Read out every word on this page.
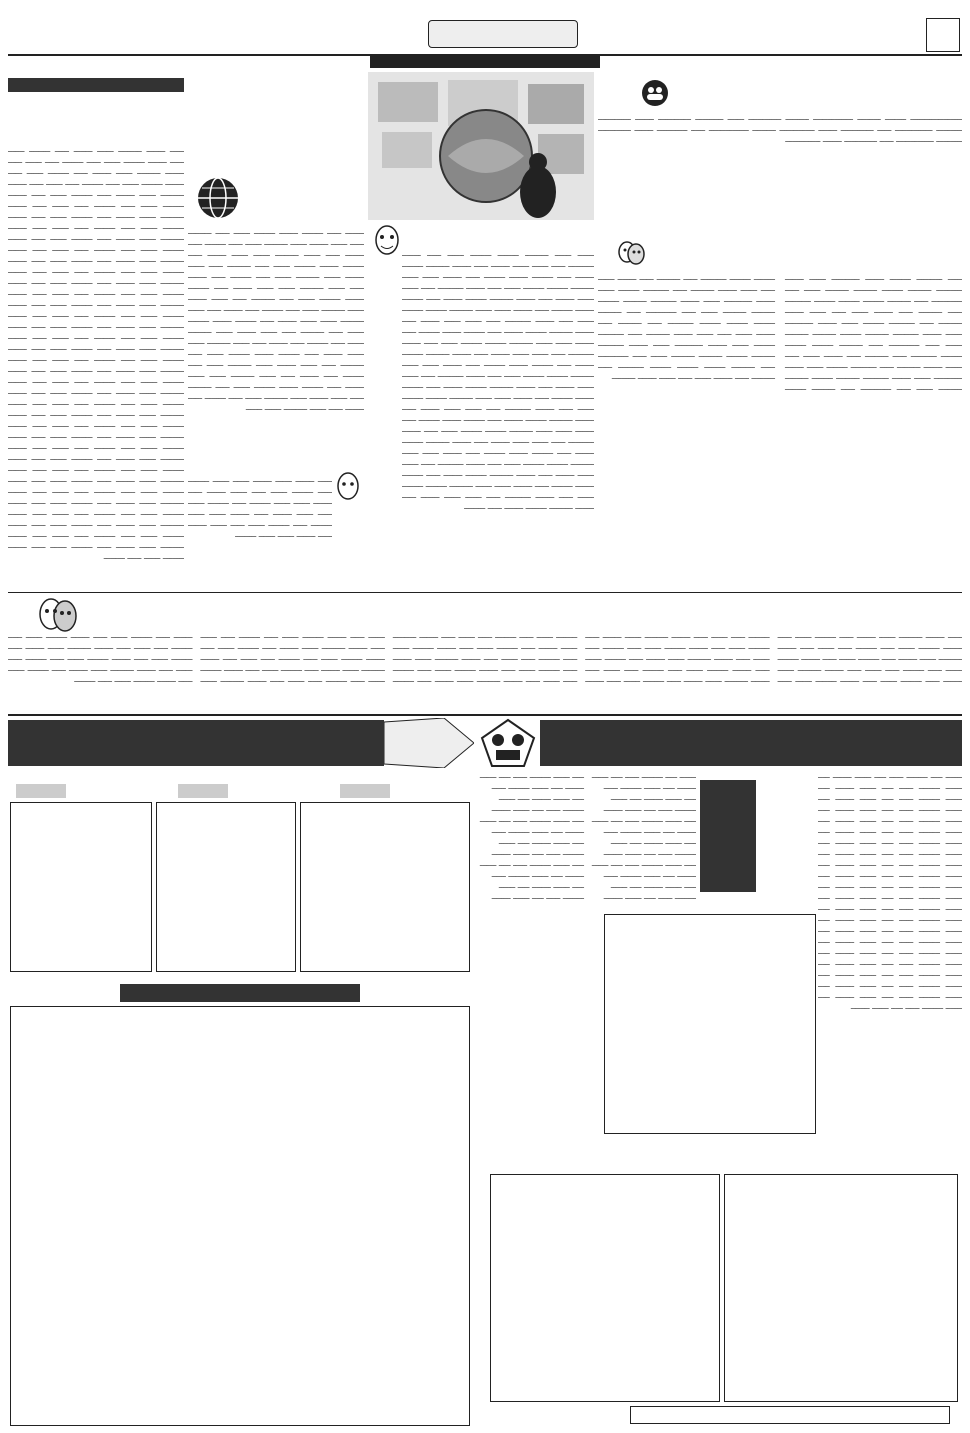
ــــــــــــــــــــــ ـــــــــ ــــــــــ ـــــــــــــــــ ــــــــــ ــــــــــــــ ـــــــ ــــــــــــ ــــــــــــــ ــــــــ ــــــــــــــ ـــــــــــ ــــــــــــــــ ــــــ ــــــــــــــ ــــــــ ـــــــــــــــ ــــــــــ ـــــــــــــــــ ــــــ ـــــــــــــ ــــــــ ــــــــــــــ ـــــــــــ ــــــــــــــــ ــــــ ــــــــــــــ ــــــــ ـــــــــــــــ
ــــــ ـــــــــــ ـــــــــ ــــــــ ــــــــــــ ـــــــ ــــــــ ـــــــــــ ــــــــــ ـــــــــ ــــــــــ ــــــــــ ـــــــ ــــــ ـــــــــــــ ــــــ ــــــــــ ـــــــــ ـــــــــ ـــــــــ ـــــــــــ ــــــ ــــــــــ ــــــ ــــــــ ـــــــ ــــــ ـــــــ ــــــــ ــــــــــ ــــــ ـــــــــــ ـــــــــ ـــــــ ــــــــ ــــــــــــ ـــــــ ــــــــ ـــــــــــ ــــــــــ ـــــــــ ــــــــــ ــــــــــ ـــــــ ــــــ ـــــــــــــ ــــــ ــــــــــ ـــــــــ ـــــــــ ـــــــــ ـــــــــــ ــــــ ــــــــــ ــــــ ــــــــ ـــــــ ــــــ ـــــــ ــــــــ ــــــــــ ــــــ ـــــــــــ ـــــــــ ـــــــ ــــــــ ــــــــــــ ـــــــ ــــــــ ـــــــــــ ــــــــــ ـــــــــ ــــــــــ ــــــــــ ـــــــ ــــــ ـــــــــــــ ــــــ ــــــــــ ـــــــــ ـــــــــ ـــــــــ ـــــــــــ ــــــ ــــــــــ ــــــ ــــــــ ـــــــ ــــــ ـــــــ ــــــــ ــــــــــ ــــــ ـــــــــــ ـــــــــ ـــــــ ــــــــ ــــــــــــ ـــــــ ــــــــ ـــــــــــ ــــــــــ ـــــــــ ــــــــــ ــــــــــ ـــــــ ــــــ ـــــــــــــ ــــــ ــــــــــ ـــــــــ ـــــــــ ـــــــــ ـــــــــــ ــــــ ــــــــــ ــــــ ــــــــ ـــــــ ــــــ ـــــــ ــــــــ ــــــــــ ــــــ ـــــــــــ ـــــــــ ـــــــ ــــــــ ــــــــــــ ـــــــ ــــــــ ـــــــــــ ــــــــــ ـــــــــ ــــــــــ ــــــــــ ـــــــ ــــــ ـــــــــــــ ــــــ ــــــــــ ـــــــــ ـــــــــ ـــــــــ ـــــــــــ ــــــ ــــــــــ ــــــ ــــــــ ـــــــ ــــــ ـــــــ ــــــــ ــــــــــ
ـــــــ ـــــــ ــــــــــ ـــــــــ ـــــــــ ـــــــ ــــــ ــــــــ ـــــــــــ ــــــ ـــــــ ـــــــ ــــــــ ــــــ ــــــــ ــــــــــ ـــــــــ ــــــــ ــــــ ـــــــــ ــــــــ ـــــــــ ــــــ ــــــــ ـــــــ ـــــــ ــــــــــ ـــــــــ ـــــــــ ـــــــ ــــــ ــــــــ ـــــــــــ ــــــ ـــــــ ـــــــ ــــــــ ــــــ ــــــــ ــــــــــ ـــــــــ ــــــــ ــــــ ـــــــــ ــــــــ ـــــــــ ــــــ ــــــــ ـــــــ ـــــــ ــــــــــ ـــــــــ ـــــــــ ـــــــ ــــــ ــــــــ ـــــــــــ ــــــ ـــــــ ـــــــ ــــــــ ــــــ ــــــــ ــــــــــ ـــــــــ ــــــــ ــــــ ـــــــــ ــــــــ ـــــــــ ــــــ ــــــــ ـــــــ ـــــــ ــــــــــ ـــــــــ ـــــــــ ـــــــ ــــــ ــــــــ ـــــــــــ ــــــ ـــــــ ـــــــ ــــــــ ــــــ ــــــــ ــــــــــ ـــــــــ ــــــــ ــــــ ـــــــــ ــــــــ ـــــــــ ــــــ ــــــــ ـــــــ ـــــــ ــــــــــ ـــــــــ ـــــــــ ـــــــ ــــــ ــــــــ ـــــــــــ ــــــ ـــــــ ـــــــ ــــــــ ــــــ ــــــــ ــــــــــ ـــــــــ ــــــــ ــــــ ـــــــــ ــــــــ ـــــــــ ــــــ ــــــــ ـــــــ ـــــــ ــــــــــ ـــــــــ ـــــــــ ـــــــ ــــــ ــــــــ ـــــــــــ ــــــ ـــــــ ـــــــ ــــــــ ــــــ ــــــــ ــــــــــ ـــــــــ ــــــــ ــــــ ـــــــــ ــــــــ ـــــــــ ــــــ ــــــــ ـــــــ ـــــــ ــــــــــ ـــــــــ ـــــــــ ـــــــ ــــــ ــــــــ ـــــــــــ ــــــ ـــــــ ـــــــ ــــــــ ــــــ ــــــــ ــــــــــ ـــــــــ ــــــــ ــــــ ـــــــــ ــــــــ ـــــــــ ــــــ ــــــــ ـــــــ ـــــــ ــــــــــ ـــــــــ ـــــــــ ـــــــ ــــــ ــــــــ ـــــــــــ ــــــ ـــــــ ـــــــ ــــــــ ــــــ ــــــــ ــــــــــ ـــــــــ ــــــــ ــــــ ـــــــــ ــــــــ ـــــــــ ــــــ ــــــــ ـــــــ ـــــــ ــــــــــ ـــــــــ ـــــــــ ـــــــ ــــــ ــــــــ ـــــــــــ ــــــ ـــــــ ـــــــ ــــــــ ــــــ ــــــــ ــــــــــ ـــــــــ ــــــــ ــــــ ـــــــــ
ــــــــ ــــــ ـــــــــ ــــــــ ـــــــــ ـــــــ ــــــ ــــــــــ ــــــ ـــــــ ــــــــ ـــــــ ــــــــــ ـــــــ ــــــ ـــــــــ ــــــ ــــــــ ــــــ ـــــــ ــــــــــ ـــــــ ـــــــ ــــــــ ــــــ ـــــــــ ــــــــ ـــــــــ ـــــــ ــــــ ــــــــــ ــــــ ـــــــ ــــــــ ـــــــ ــــــــــ ـــــــ ــــــ ـــــــــ ــــــ ــــــــ ــــــ ـــــــ ــــــــــ ـــــــ ـــــــ ــــــــ ــــــ ـــــــــ ــــــــ ـــــــــ ـــــــ ــــــ ــــــــــ ــــــ ـــــــ ــــــــ ـــــــ ــــــــــ ـــــــ ــــــ ـــــــــ ــــــ ــــــــ ــــــ ـــــــ ــــــــــ ـــــــ ـــــــ ــــــــ ــــــ ـــــــــ ــــــــ ـــــــــ ـــــــ ــــــ ــــــــــ ــــــ ـــــــ ــــــــ ـــــــ ــــــــــ ـــــــ ــــــ ـــــــــ ــــــ ــــــــ ــــــ ـــــــ ــــــــــ ـــــــ ـــــــ ــــــــ ــــــ ـــــــــ ــــــــ ـــــــــ ـــــــ ــــــ ــــــــــ ــــــ ـــــــ ــــــــ ـــــــ ــــــــــ ـــــــ ــــــ ـــــــــ ــــــ ــــــــ ــــــ ـــــــ ــــــــــ ـــــــ ـــــــ ــــــــ ــــــ ـــــــــ ــــــــ ـــــــــ ـــــــ ــــــ ــــــــــ ــــــ ـــــــ ــــــــ ـــــــ ــــــــــ ـــــــ ــــــ ـــــــــ ــــــ ــــــــ ــــــ ـــــــ ــــــــــ ـــــــ ـــــــ
ــــــ ــــــــ ـــــــ ــــــــ ـــــــ ـــــــ ـــــــــ ــــــ ـــــــــ ـــــــ ــــــ ـــــــ ــــــــ ــــــ ــــــــ ـــــــ ـــــــ ـــــــــ ــــــ ـــــــــ ـــــــ ــــــ ـــــــ ــــــــ ــــــ ــــــــ ـــــــ ـــــــ ـــــــــ ــــــ ـــــــــ ـــــــ ــــــ ـــــــ ــــــــ ــــــ ــــــــ ـــــــ ـــــــ ـــــــــ
ــــــ ــــــــ ــــــــــ ـــــــ ــــــــ ــــــ ـــــــــ ـــــــ ــــــ ــــــــ ـــــــــ ـــــــ ــــــ ـــــــــ ــــــ ـــــــ ــــــ ــــــــ ــــــــــ ـــــــ ــــــــ ــــــ ـــــــــ ـــــــ ــــــ ــــــــ ـــــــــ ـــــــ ــــــ ـــــــــ ــــــ ـــــــ ــــــ ــــــــ ــــــــــ ـــــــ ــــــــ ــــــ ـــــــــ ـــــــ ــــــ ــــــــ ـــــــــ ـــــــ ــــــ ـــــــــ ــــــ ـــــــ ــــــ ــــــــ ــــــــــ ـــــــ ــــــــ ــــــ ـــــــــ ـــــــ ــــــ ــــــــ ـــــــــ ـــــــ ــــــ ـــــــــ ــــــ ـــــــ ــــــ ــــــــ ــــــــــ ـــــــ ــــــــ ــــــ ـــــــــ ـــــــ ــــــ ــــــــ ـــــــــ ـــــــ ــــــ ـــــــــ ــــــ ـــــــ ــــــ ــــــــ ــــــــــ ـــــــ ــــــــ ــــــ ـــــــــ ـــــــ ــــــ ــــــــ ـــــــــ ـــــــ ــــــ ـــــــــ ــــــ ـــــــ ــــــ ــــــــ ــــــــــ ـــــــ ــــــــ ــــــ ـــــــــ ـــــــ ــــــ ــــــــ ـــــــــ ـــــــ ــــــ ـــــــــ ــــــ ـــــــ ــــــ ــــــــ ــــــــــ ـــــــ ــــــــ ــــــ ـــــــــ ـــــــ ــــــ ــــــــ ـــــــــ ـــــــ ــــــ ـــــــــ ــــــ ـــــــ ــــــ ــــــــ ــــــــــ ـــــــ ــــــــ ــــــ ـــــــــ ـــــــ ــــــ ــــــــ ـــــــــ ـــــــ ــــــ ـــــــــ ــــــ ـــــــ ــــــ ــــــــ ــــــــــ ـــــــ ــــــــ ــــــ ـــــــــ ـــــــ ــــــ ــــــــ ـــــــــ ـــــــ ــــــ ـــــــــ ــــــ ـــــــ ــــــ ــــــــ ــــــــــ ـــــــ ــــــــ ــــــ ـــــــــ ـــــــ ــــــ ــــــــ ـــــــــ ـــــــ ــــــ ـــــــــ ــــــ ـــــــ ــــــ ــــــــ ــــــــــ ـــــــ ــــــــ ــــــ ـــــــــ ـــــــ ــــــ ــــــــ ـــــــــ ـــــــ ــــــ ـــــــــ ــــــ ـــــــ ــــــ ــــــــ ــــــــــ ـــــــ ــــــــ ــــــ ـــــــــ ـــــــ ــــــ ــــــــ ـــــــــ ـــــــ ــــــ ـــــــــ ــــــ ـــــــ ــــــ ــــــــ ــــــــــ ـــــــ ــــــــ ــــــ ـــــــــ ـــــــ ــــــ ــــــــ ـــــــــ ـــــــ ــــــ ـــــــــ ــــــ ـــــــ ــــــ ــــــــ ــــــــــ ـــــــ ــــــــ ــــــ ـــــــــ ـــــــ ــــــ ــــــــ ـــــــــ ـــــــ ــــــ ـــــــــ ــــــ ـــــــ ــــــ ــــــــ ــــــــــ ـــــــ ــــــــ ــــــ ـــــــــ ـــــــ ــــــ ــــــــ ـــــــــ ـــــــ ــــــ ـــــــــ ــــــ ـــــــ ــــــ ــــــــ ــــــــــ ـــــــ ــــــــ ــــــ ـــــــــ ـــــــ ــــــ ــــــــ ـــــــــ ـــــــ ــــــ ـــــــــ ــــــ ـــــــ ــــــ ــــــــ ــــــــــ ـــــــ ــــــــ ــــــ ـــــــــ ـــــــ ــــــ ــــــــ ـــــــــ ـــــــ ــــــ ـــــــــ ــــــ ـــــــ ــــــ ــــــــ ــــــــــ ـــــــ ــــــــ ــــــ ـــــــــ ـــــــ ــــــ ــــــــ ـــــــــ ـــــــ ــــــ ـــــــــ
ــــــ ــــــــ ــــــــــ ـــــــ ــــــــ ــــــ ـــــــــ ـــــــ ــــــ ــــــــ ـــــــــ ـــــــ ــــــ ـــــــــ ــــــ ـــــــ ــــــ ــــــــ ــــــــــ ـــــــ ــــــــ ــــــ ـــــــــ ـــــــ ــــــ ــــــــ ـــــــــ ـــــــ ــــــ ـــــــــ ــــــ ـــــــ ــــــ ــــــــ ــــــــــ ـــــــ ــــــــ ــــــ ـــــــــ ـــــــ ــــــ ــــــــ ـــــــــ ـــــــ ــــــ ـــــــــ ــــــ ـــــــ ــــــ ــــــــ ــــــــــ ـــــــ ــــــــ ــــــ ـــــــــ ـــــــ ــــــ ــــــــ ـــــــــ ـــــــ ــــــ ـــــــــ ــــــ ـــــــ ــــــ ــــــــ ــــــــــ ـــــــ ــــــــ ــــــ ـــــــــ ـــــــ ــــــ ــــــــ ـــــــــ ـــــــ ــــــ ـــــــــ ــــــ ـــــــ ــــــ ــــــــ ــــــــــ ـــــــ ــــــــ ــــــ ـــــــــ ـــــــ ــــــ ــــــــ ـــــــــ ـــــــ ــــــ ـــــــــ ــــــ ـــــــ ــــــ ــــــــ ــــــــــ ـــــــ ــــــــ ــــــ ـــــــــ ـــــــ ــــــ ــــــــ ـــــــــ ـــــــ ــــــ ـــــــــ ــــــ ـــــــ ــــــ ــــــــ ــــــــــ ـــــــ ــــــــ ــــــ ـــــــــ ـــــــ ــــــ ــــــــ ـــــــــ ـــــــ ــــــ ـــــــــ ــــــ ـــــــ ــــــ ــــــــ ــــــــــ ـــــــ ــــــــ ــــــ ـــــــــ ـــــــ ــــــ ــــــــ ـــــــــ ـــــــ ــــــ ـــــــــ ــــــ ـــــــ ــــــ ــــــــ ــــــــــ ـــــــ ــــــــ ــــــ ـــــــــ ـــــــ ــــــ ــــــــ ـــــــــ ـــــــ ــــــ ـــــــــ ــــــ ـــــــ ــــــ ــــــــ ــــــــــ ـــــــ ــــــــ ــــــ ـــــــــ ـــــــ ــــــ ــــــــ ـــــــــ ـــــــ ــــــ ـــــــــ ــــــ ـــــــ ــــــ ــــــــ ــــــــــ ـــــــ ــــــــ ــــــ ـــــــــ ـــــــ ــــــ ــــــــ ـــــــــ ـــــــ ــــــ ـــــــــ ــــــ ـــــــ ــــــ ــــــــ ــــــــــ ـــــــ ــــــــ ــــــ ـــــــــ ـــــــ ــــــ ــــــــ ـــــــــ ـــــــ ــــــ ـــــــــ ــــــ ـــــــ ــــــ ــــــــ ــــــــــ ـــــــ ــــــــ ــــــ ـــــــــ ـــــــ ــــــ ــــــــ ـــــــــ ـــــــ ــــــ ـــــــــ
ـــــــ ـــــ ـــــــــ ــــــ ـــــ ـــــــ ــــــــ ـــــ ـــــــ ـــــــــ ــــــ ـــــ ـــــــ ــــــــ ـــــ ـــــــ ـــــــــ ــــــ ـــــ ـــــــ ــــــــ ـــــ ـــــــ ـــــــــ ــــــ ـــــ ـــــــ ــــــــ ـــــ ـــــــ ـــــــــ ــــــ ـــــ ـــــــ ــــــــ ـــــ ـــــــ ـــــــــ ــــــ ـــــ ـــــــ ــــــــ ـــــ ـــــــ ـــــــــ ــــــ ـــــ ـــــــ ــــــــ ـــــ ـــــــ ـــــــــ ــــــ ـــــ ـــــــ ــــــــ ـــــ ـــــــ ـــــــــ ــــــ ـــــ ـــــــ ــــــــ ـــــ ـــــــ ـــــــــ ــــــ ـــــ ـــــــ ــــــــ ـــــ ـــــــ ـــــــــ ــــــ ـــــ ـــــــ ــــــــ ـــــ ـــــــ ـــــــــ ــــــ ـــــ ـــــــ ــــــــ ـــــ ـــــــ ـــــــــ ــــــ ـــــ ـــــــ ــــــــ ـــــ ـــــــ ـــــــــ ــــــ ـــــ ـــــــ ــــــــ ـــــ ـــــــ ـــــــــ ــــــ ـــــ ـــــــ ــــــــ ـــــ ـــــــ ـــــــــ ــــــ ـــــ ـــــــ ــــــــ ـــــ ـــــــ ـــــــــ ــــــ ـــــ ـــــــ ــــــــ ـــــ ـــــــ ـــــــــ ــــــ ـــــ ـــــــ ــــــــ ـــــ ـــــــ ـــــــــ ــــــ ـــــ ـــــــ ــــــــ ـــــ ـــــــ ـــــــــ ــــــ ـــــ ـــــــ ــــــــ ـــــ ـــــــ ـــــــــ ــــــ ـــــ ـــــــ ــــــــ ـــــ ـــــــ ـــــــــ ــــــ ـــــ ـــــــ ــــــــ
ـــــــ ـــــ ـــــــــ ــــــ ـــــ ـــــــ ــــــــ ـــــ ـــــــ ـــــــــ ــــــ ـــــ ـــــــ ــــــــ ـــــ ـــــــ ـــــــــ ــــــ ـــــ ـــــــ ــــــــ ـــــ ـــــــ ـــــــــ ــــــ ـــــ ـــــــ ــــــــ ـــــ ـــــــ ـــــــــ ــــــ ـــــ ـــــــ ــــــــ ـــــ ـــــــ ـــــــــ ــــــ ـــــ ـــــــ ــــــــ ـــــ ـــــــ ـــــــــ ــــــ ـــــ ـــــــ ــــــــ ـــــ ـــــــ ـــــــــ ــــــ ـــــ ـــــــ ــــــــ ـــــ ـــــــ ـــــــــ ــــــ ـــــ ـــــــ ــــــــ ـــــ ـــــــ ـــــــــ ــــــ ـــــ ـــــــ ــــــــ ـــــ ـــــــ ـــــــــ ــــــ ـــــ ـــــــ ــــــــ ـــــ ـــــــ ـــــــــ ــــــ ـــــ ـــــــ ــــــــ ـــــ ـــــــ ـــــــــ ــــــ ـــــ ـــــــ ــــــــ ـــــ ـــــــ ـــــــــ ــــــ ـــــ ـــــــ ــــــــ ـــــ ـــــــ ـــــــــ ــــــ ـــــ ـــــــ ــــــــ ـــــ ـــــــ ـــــــــ ــــــ ـــــ ـــــــ ــــــــ ـــــ ـــــــ ـــــــــ ــــــ ـــــ ـــــــ ــــــــ ـــــ ـــــــ ـــــــــ ــــــ ـــــ ـــــــ ــــــــ
